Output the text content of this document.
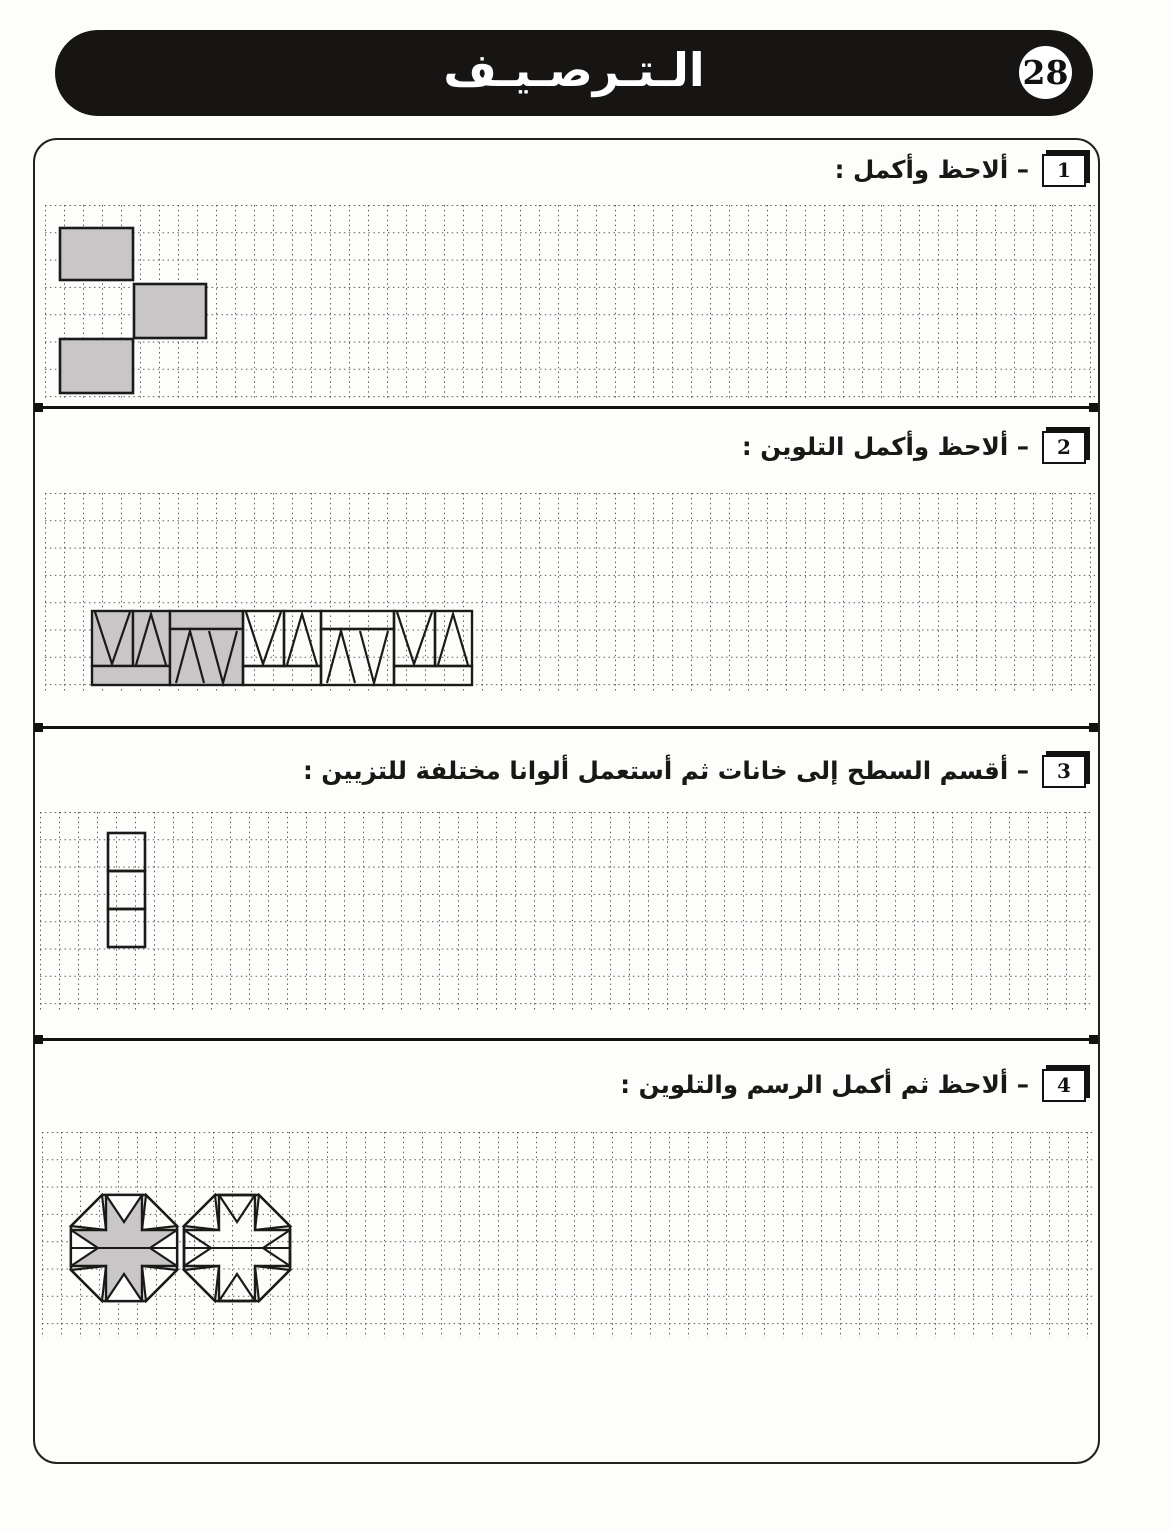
الـتـرصـيـف	28
1
– ألاحظ وأكمل :
2
– ألاحظ وأكمل التلوين :
3
– أقسم السطح إلى خانات ثم أستعمل ألوانا مختلفة للتزيين :
4
– ألاحظ ثم أكمل الرسم والتلوين :
